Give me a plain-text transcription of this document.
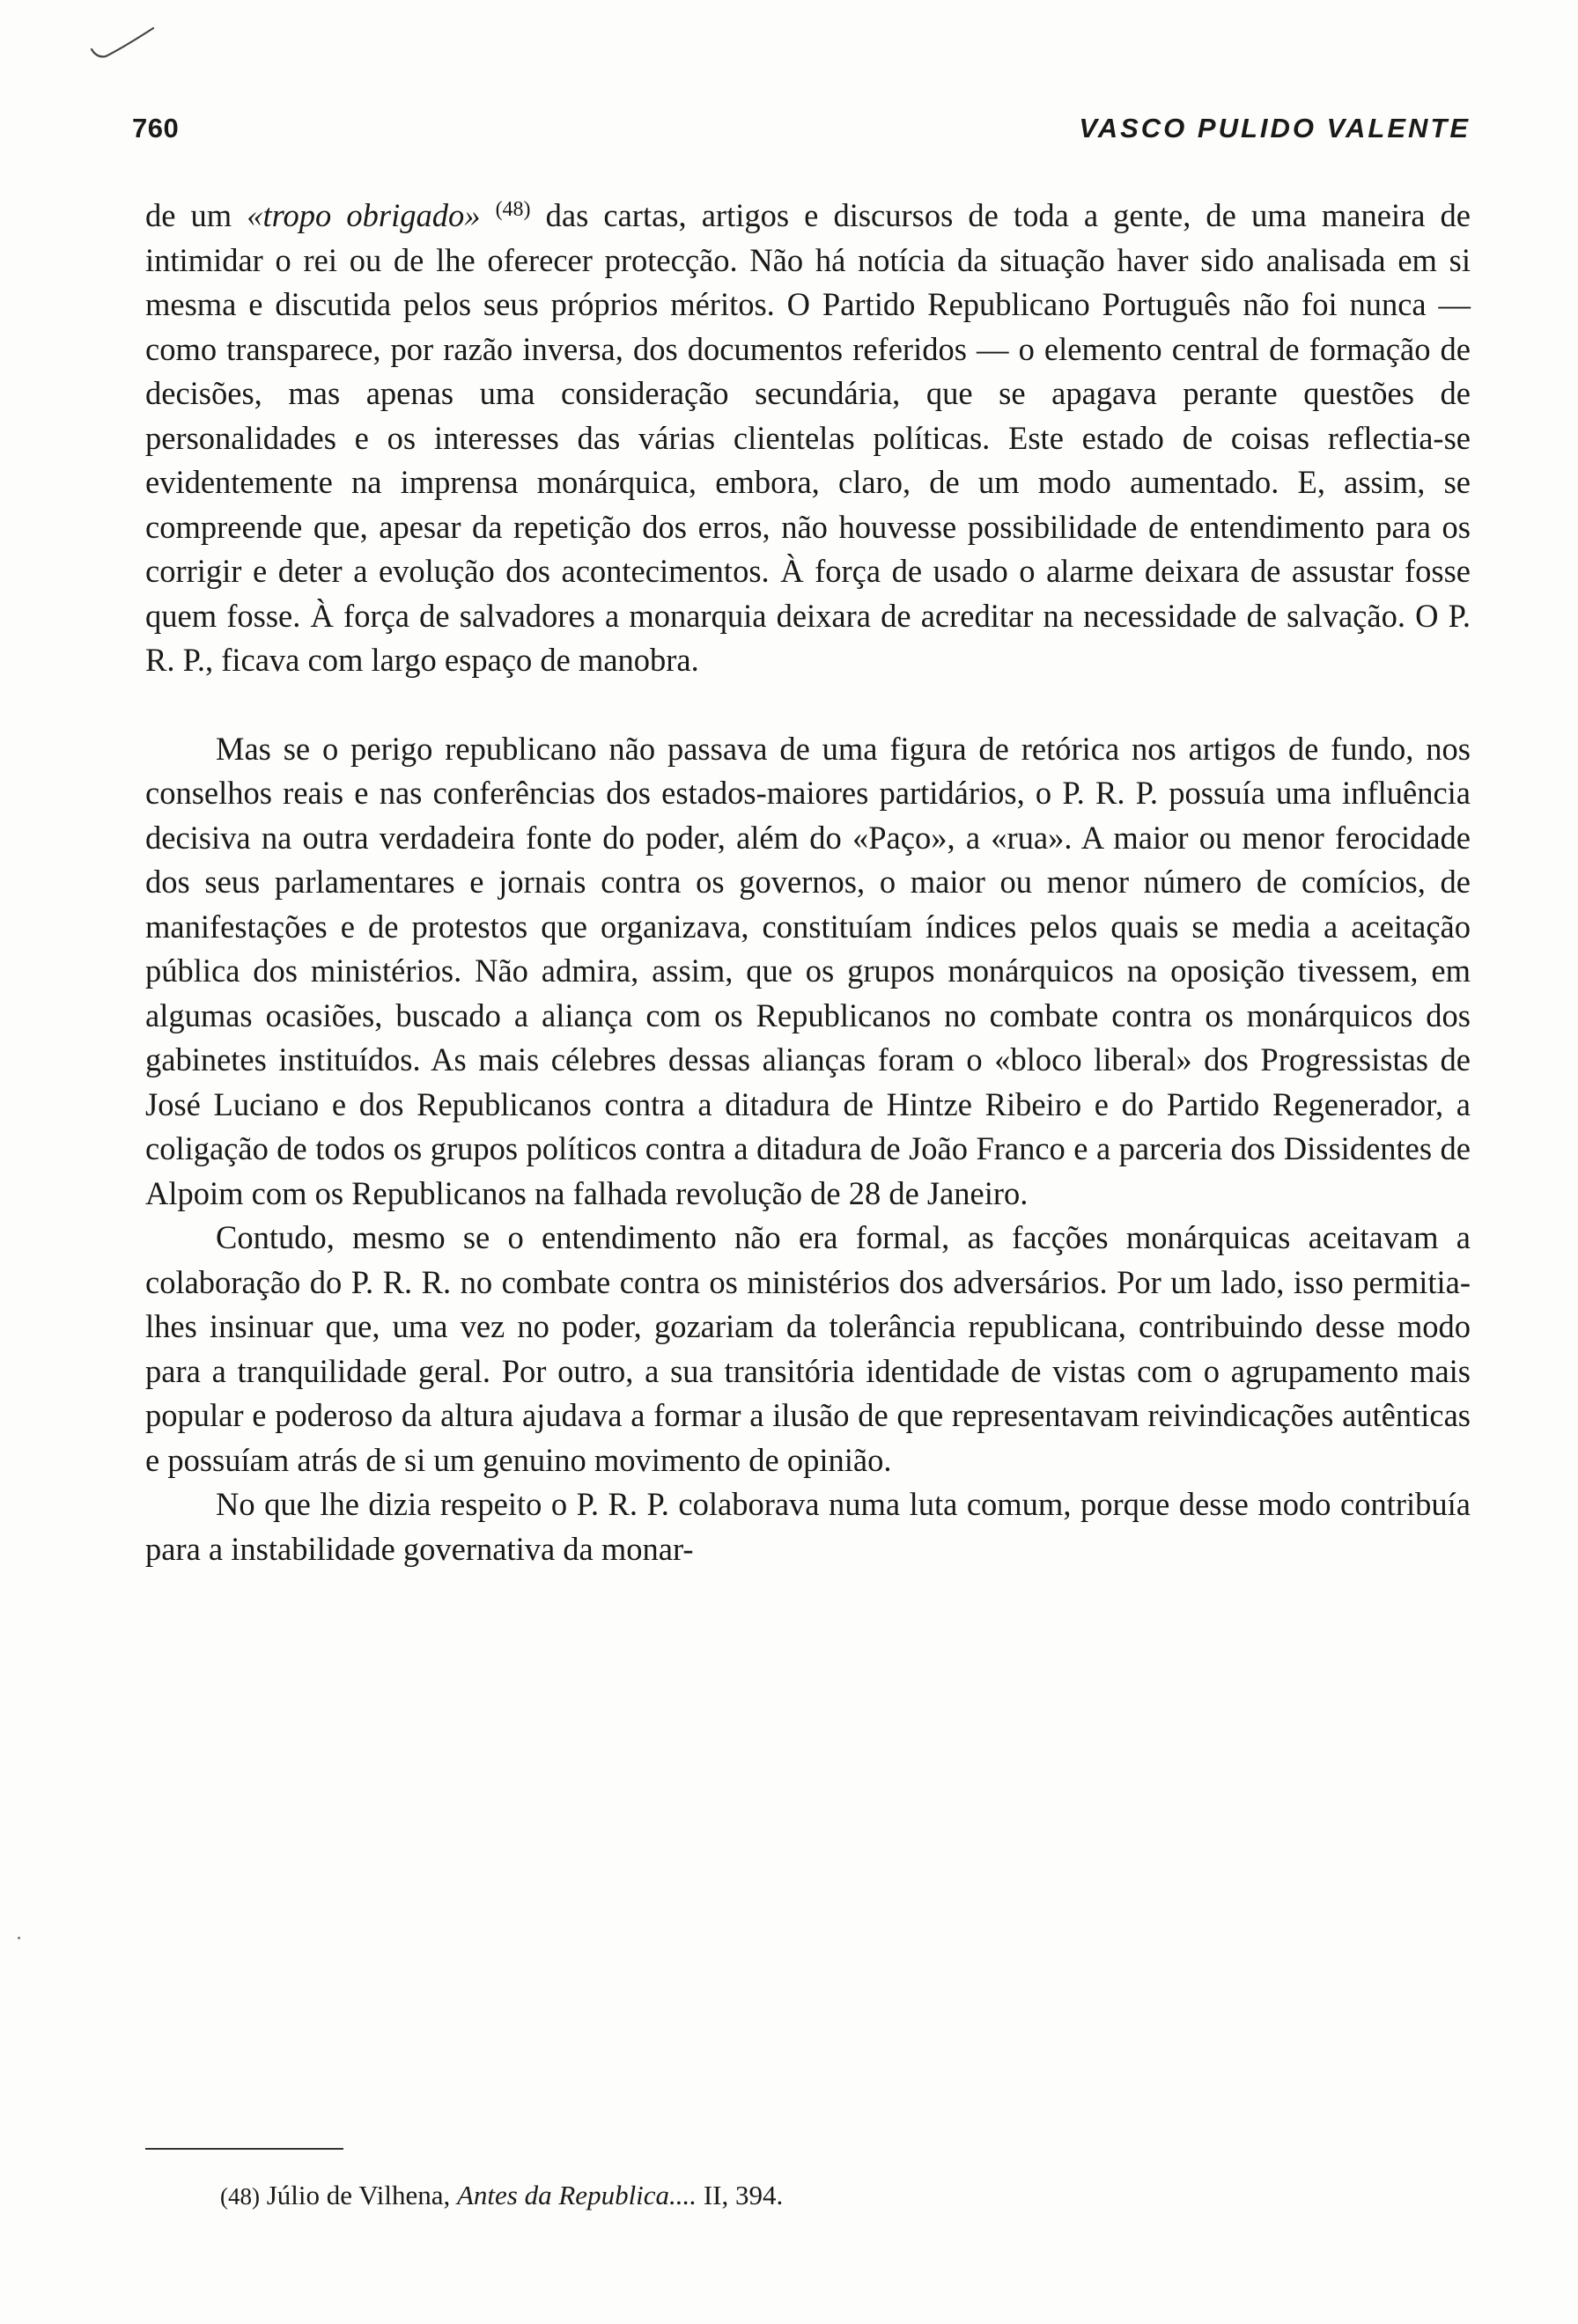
760	VASCO PULIDO VALENTE

de um «tropo obrigado» $^{(48)}$ das cartas, artigos e discursos de toda a gente, de uma maneira de intimidar o rei ou de lhe oferecer protecção. Não há notícia da situação haver sido analisada em si mesma e discutida pelos seus próprios méritos. O Partido Republicano Português não foi nunca — como transparece, por razão inversa, dos documentos referidos — o elemento central de formação de decisões, mas apenas uma consideração secundária, que se apagava perante questões de personalidades e os interesses das várias clientelas políticas. Este estado de coisas reflectia-se evidentemente na imprensa monárquica, embora, claro, de um modo aumentado. E, assim, se compreende que, apesar da repetição dos erros, não houvesse possibilidade de entendimento para os corrigir e deter a evolução dos acontecimentos. À força de usado o alarme deixara de assustar fosse quem fosse. À força de salvadores a monarquia deixara de acreditar na necessidade de salvação. O P. R. P., ficava com largo espaço de manobra.

Mas se o perigo republicano não passava de uma figura de retórica nos artigos de fundo, nos conselhos reais e nas conferências dos estados-maiores partidários, o P. R. P. possuía uma influência decisiva na outra verdadeira fonte do poder, além do «Paço», a «rua». A maior ou menor ferocidade dos seus parlamentares e jornais contra os governos, o maior ou menor número de comícios, de manifestações e de protestos que organizava, constituíam índices pelos quais se media a aceitação pública dos ministérios. Não admira, assim, que os grupos monárquicos na oposição tivessem, em algumas ocasiões, buscado a aliança com os Republicanos no combate contra os monárquicos dos gabinetes instituídos. As mais célebres dessas alianças foram o «bloco liberal» dos Progressistas de José Luciano e dos Republicanos contra a ditadura de Hintze Ribeiro e do Partido Regenerador, a coligação de todos os grupos políticos contra a ditadura de João Franco e a parceria dos Dissidentes de Alpoim com os Republicanos na falhada revolução de 28 de Janeiro.

Contudo, mesmo se o entendimento não era formal, as facções monárquicas aceitavam a colaboração do P. R. R. no combate contra os ministérios dos adversários. Por um lado, isso permitia-lhes insinuar que, uma vez no poder, gozariam da tolerância republicana, contribuindo desse modo para a tranquilidade geral. Por outro, a sua transitória identidade de vistas com o agrupamento mais popular e poderoso da altura ajudava a formar a ilusão de que representavam reivindicações autênticas e possuíam atrás de si um genuino movimento de opinião.

No que lhe dizia respeito o P. R. P. colaborava numa luta comum, porque desse modo contribuía para a instabilidade governativa da monar-

(48) Júlio de Vilhena, Antes da Republica.... II, 394.
